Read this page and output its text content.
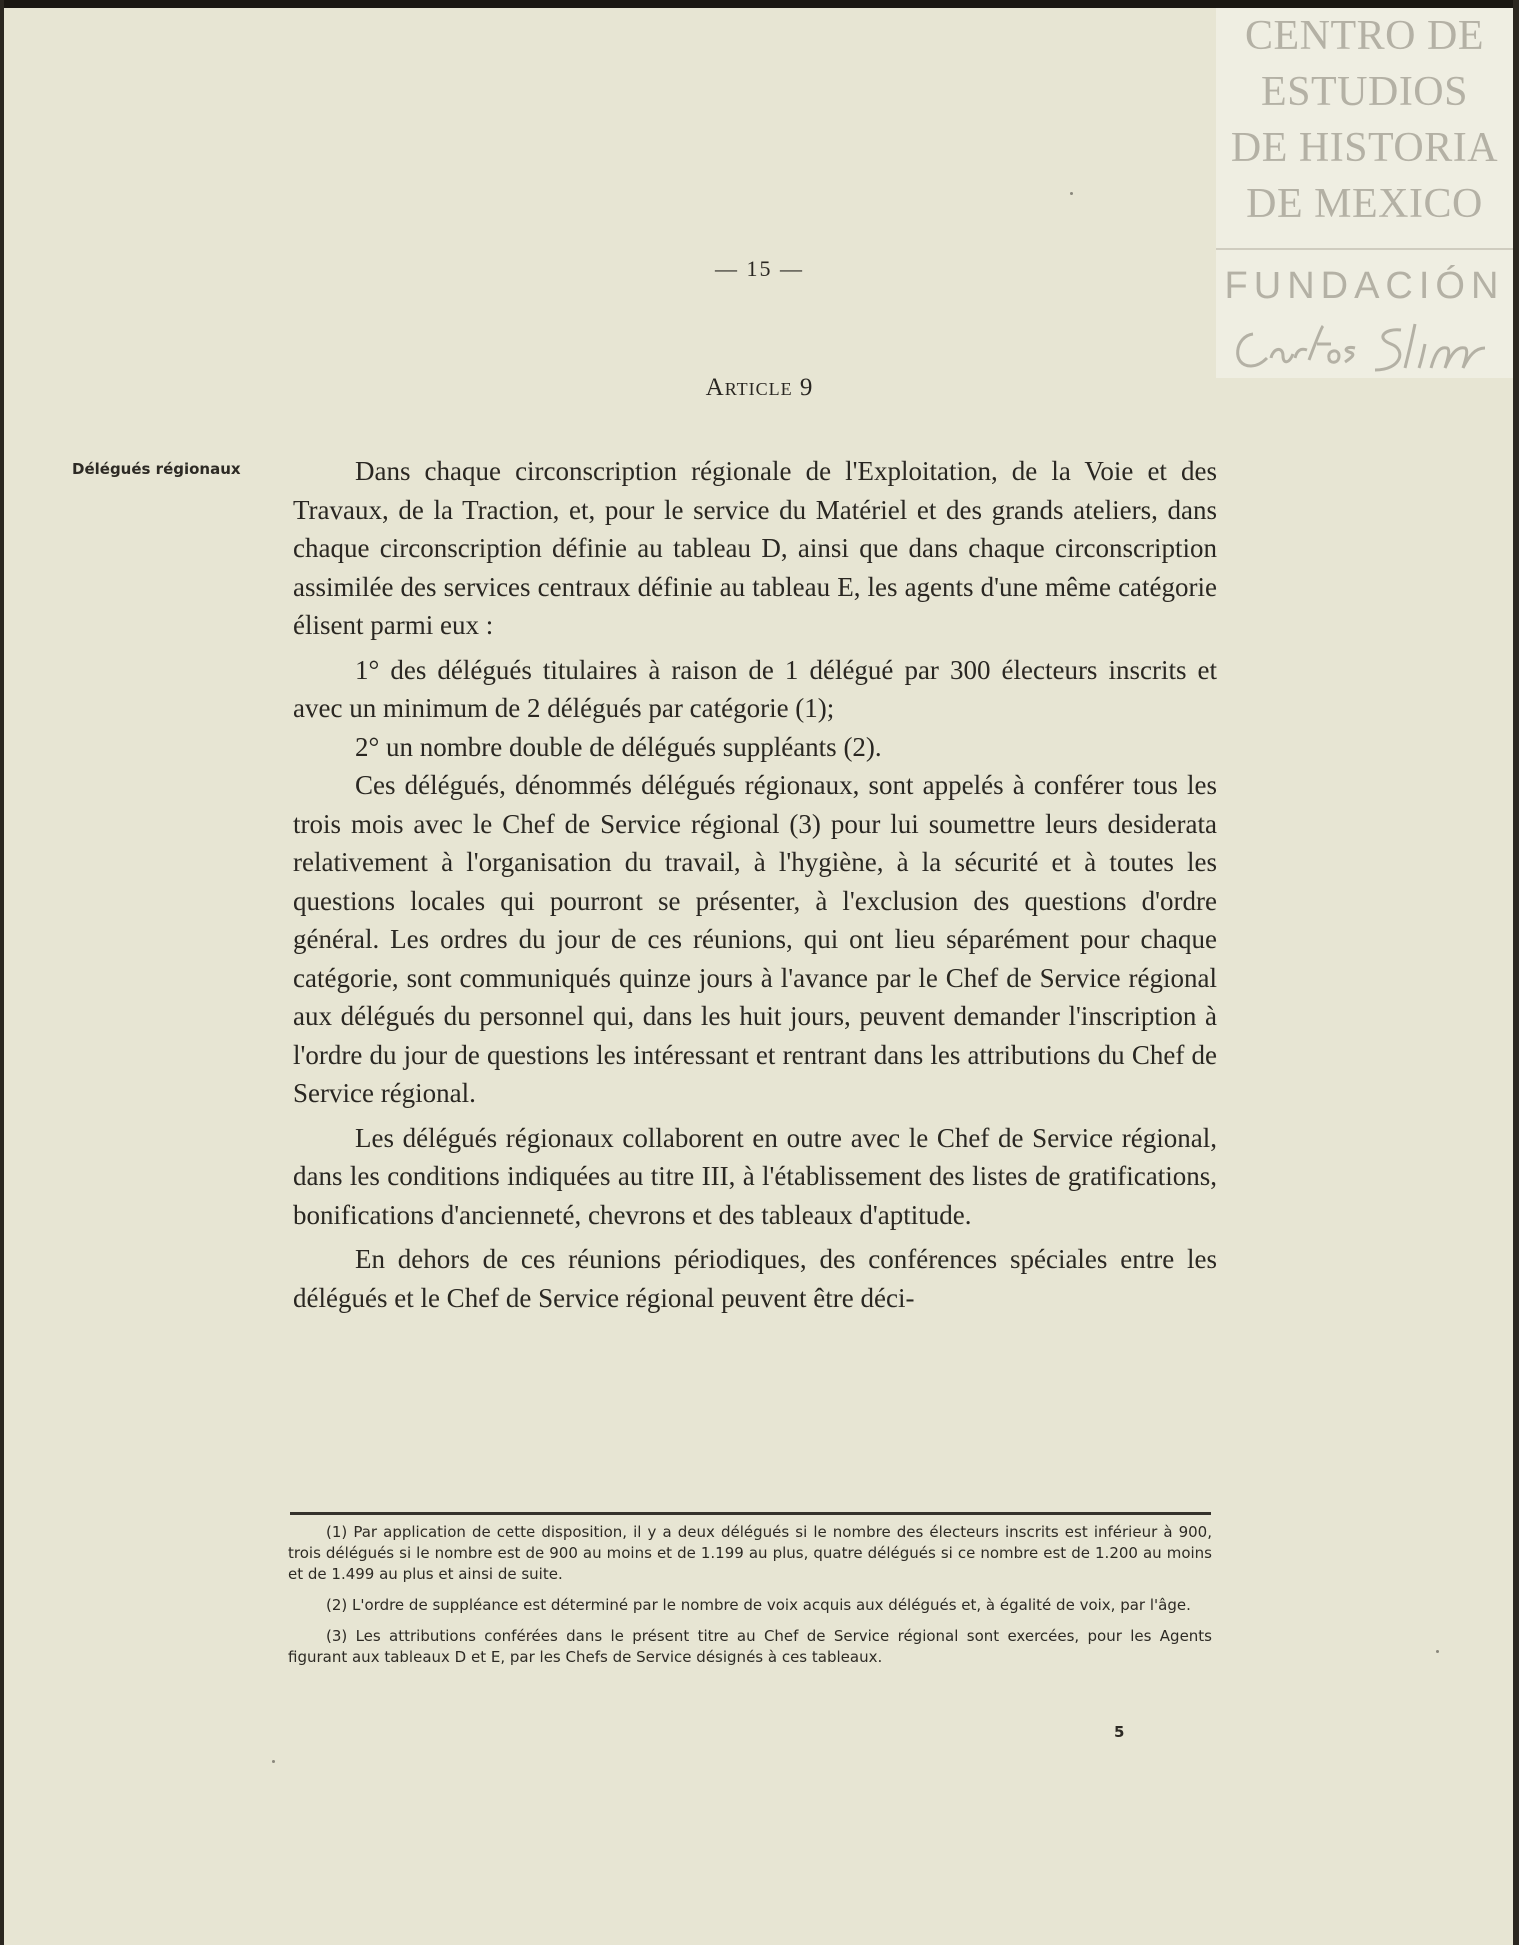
CENTRO DE
ESTUDIOS
DE HISTORIA
DE MEXICO
FUNDACIÓN
— 15 —
Article 9
Délégués régionaux	Dans chaque circonscription régionale de l'Exploitation, de la Voie et des Travaux, de la Traction, et, pour le service du Matériel et des grands ateliers, dans chaque circonscription définie au tableau D, ainsi que dans chaque circonscription assimilée des services centraux définie au tableau E, les agents d'une même catégorie élisent parmi eux :

1° des délégués titulaires à raison de 1 délégué par 300 électeurs inscrits et avec un minimum de 2 délégués par catégorie (1);

2° un nombre double de délégués suppléants (2).

Ces délégués, dénommés délégués régionaux, sont appelés à conférer tous les trois mois avec le Chef de Service régional (3) pour lui soumettre leurs desiderata relativement à l'organisation du travail, à l'hygiène, à la sécurité et à toutes les questions locales qui pourront se présenter, à l'exclusion des questions d'ordre général. Les ordres du jour de ces réunions, qui ont lieu séparément pour chaque catégorie, sont communiqués quinze jours à l'avance par le Chef de Service régional aux délégués du personnel qui, dans les huit jours, peuvent demander l'inscription à l'ordre du jour de questions les intéressant et rentrant dans les attributions du Chef de Service régional.

Les délégués régionaux collaborent en outre avec le Chef de Service régional, dans les conditions indiquées au titre III, à l'établissement des listes de gratifications, bonifications d'ancienneté, chevrons et des tableaux d'aptitude.

En dehors de ces réunions périodiques, des conférences spéciales entre les délégués et le Chef de Service régional peuvent être déci-

(1) Par application de cette disposition, il y a deux délégués si le nombre des électeurs inscrits est inférieur à 900, trois délégués si le nombre est de 900 au moins et de 1.199 au plus, quatre délégués si ce nombre est de 1.200 au moins et de 1.499 au plus et ainsi de suite.

(2) L'ordre de suppléance est déterminé par le nombre de voix acquis aux délégués et, à égalité de voix, par l'âge.

(3) Les attributions conférées dans le présent titre au Chef de Service régional sont exercées, pour les Agents figurant aux tableaux D et E, par les Chefs de Service désignés à ces tableaux.

5
